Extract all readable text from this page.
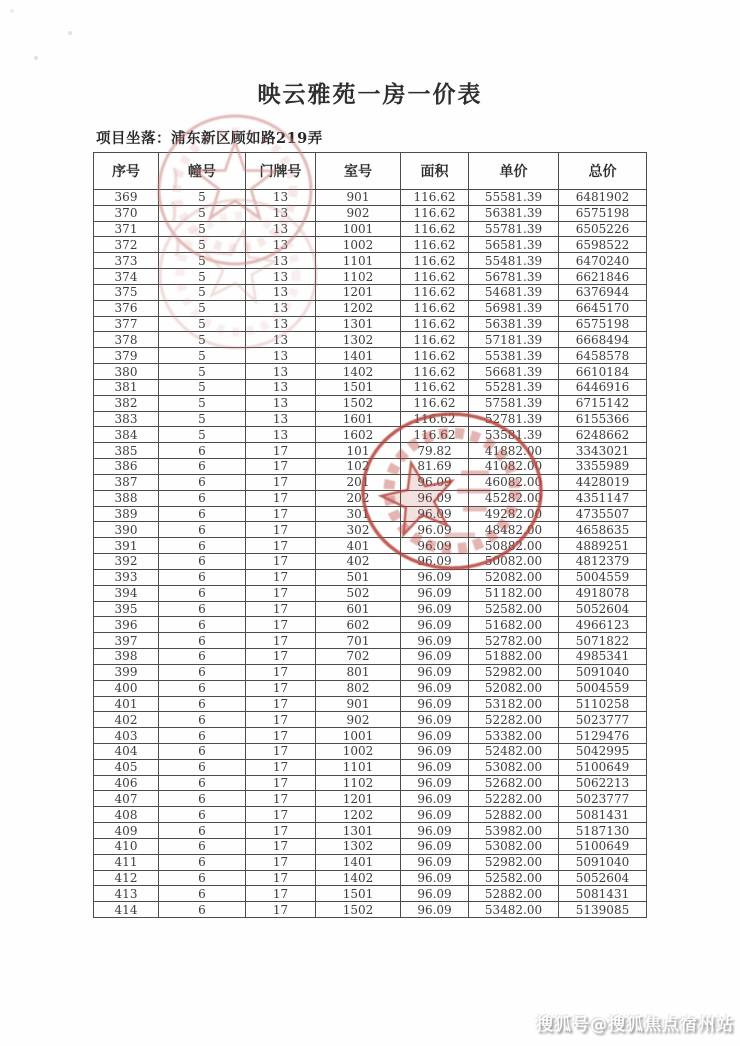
映云雅苑一房一价表
项目坐落：浦东新区顾如路219弄
序号	幢号	门牌号	室号	面积	单价	总价
369	5	13	901	116.62	55581.39	6481902
370	5	13	902	116.62	56381.39	6575198
371	5	13	1001	116.62	55781.39	6505226
372	5	13	1002	116.62	56581.39	6598522
373	5	13	1101	116.62	55481.39	6470240
374	5	13	1102	116.62	56781.39	6621846
375	5	13	1201	116.62	54681.39	6376944
376	5	13	1202	116.62	56981.39	6645170
377	5	13	1301	116.62	56381.39	6575198
378	5	13	1302	116.62	57181.39	6668494
379	5	13	1401	116.62	55381.39	6458578
380	5	13	1402	116.62	56681.39	6610184
381	5	13	1501	116.62	55281.39	6446916
382	5	13	1502	116.62	57581.39	6715142
383	5	13	1601	116.62	52781.39	6155366
384	5	13	1602	116.62	53581.39	6248662
385	6	17	101	79.82	41882.00	3343021
386	6	17	102	81.69	41082.00	3355989
387	6	17	201	96.09	46082.00	4428019
388	6	17	202	96.09	45282.00	4351147
389	6	17	301	96.09	49282.00	4735507
390	6	17	302	96.09	48482.00	4658635
391	6	17	401	96.09	50882.00	4889251
392	6	17	402	96.09	50082.00	4812379
393	6	17	501	96.09	52082.00	5004559
394	6	17	502	96.09	51182.00	4918078
395	6	17	601	96.09	52582.00	5052604
396	6	17	602	96.09	51682.00	4966123
397	6	17	701	96.09	52782.00	5071822
398	6	17	702	96.09	51882.00	4985341
399	6	17	801	96.09	52982.00	5091040
400	6	17	802	96.09	52082.00	5004559
401	6	17	901	96.09	53182.00	5110258
402	6	17	902	96.09	52282.00	5023777
403	6	17	1001	96.09	53382.00	5129476
404	6	17	1002	96.09	52482.00	5042995
405	6	17	1101	96.09	53082.00	5100649
406	6	17	1102	96.09	52682.00	5062213
407	6	17	1201	96.09	52282.00	5023777
408	6	17	1202	96.09	52882.00	5081431
409	6	17	1301	96.09	53982.00	5187130
410	6	17	1302	96.09	53082.00	5100649
411	6	17	1401	96.09	52982.00	5091040
412	6	17	1402	96.09	52582.00	5052604
413	6	17	1501	96.09	52882.00	5081431
414	6	17	1502	96.09	53482.00	5139085
搜狐号@搜狐焦点宿州站
